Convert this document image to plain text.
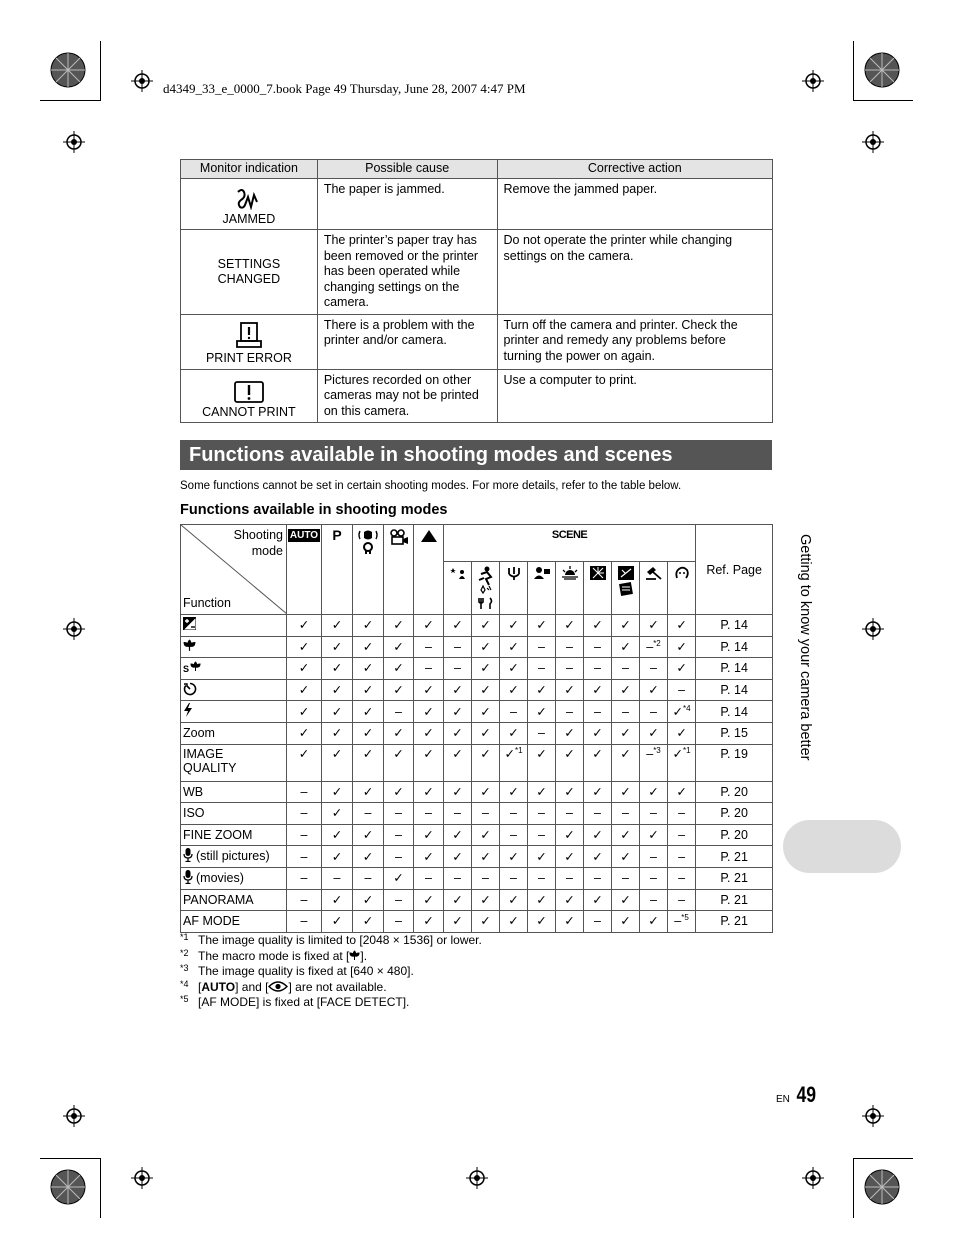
d4349_33_e_0000_7.book Page 49 Thursday, June 28, 2007 4:47 PM
Monitor indication	Possible cause	Corrective action

JAMMED	The paper is jammed.	Remove the jammed paper.
SETTINGS
CHANGED	The printer’s paper tray has been removed or the printer has been operated while changing settings on the camera.	Do not operate the printer while changing settings on the camera.

PRINT ERROR	There is a problem with the printer and/or camera.	Turn off the camera and printer. Check the printer and remedy any problems before turning the power on again.

CANNOT PRINT	Pictures recorded on other cameras may not be printed on this camera.	Use a computer to print.
Functions available in shooting modes and scenes
Some functions cannot be set in certain shooting modes. For more details, refer to the table below.
Functions available in shooting modes
Shooting
mode
Function	AUTO	P				SCENE									Ref. Page

	✓	✓	✓	✓	✓	✓	✓	✓	✓	✓	✓	✓	✓	✓	P. 14
	✓	✓	✓	✓	–	–	✓	✓	–	–	–	✓	–$^{*2}$	✓	P. 14

S	✓	✓	✓	✓	–	–	✓	✓	–	–	–	–	–	✓	P. 14
	✓	✓	✓	✓	✓	✓	✓	✓	✓	✓	✓	✓	✓	–	P. 14
	✓	✓	✓	–	✓	✓	✓	–	✓	–	–	–	–	✓$^{*4}$	P. 14
Zoom	✓	✓	✓	✓	✓	✓	✓	✓	–	✓	✓	✓	✓	✓	P. 15
IMAGE
QUALITY	✓	✓	✓	✓	✓	✓	✓	✓$^{*1}$	✓	✓	✓	✓	–$^{*3}$	✓$^{*1}$	P. 19
WB	–	✓	✓	✓	✓	✓	✓	✓	✓	✓	✓	✓	✓	✓	P. 20
ISO	–	✓	–	–	–	–	–	–	–	–	–	–	–	–	P. 20
FINE ZOOM	–	✓	✓	–	✓	✓	✓	–	–	✓	✓	✓	✓	–	P. 20
(still pictures)	–	✓	✓	–	✓	✓	✓	✓	✓	✓	✓	✓	–	–	P. 21
(movies)	–	–	–	✓	–	–	–	–	–	–	–	–	–	–	P. 21
PANORAMA	–	✓	✓	–	✓	✓	✓	✓	✓	✓	✓	✓	–	–	P. 21
AF MODE	–	✓	✓	–	✓	✓	✓	✓	✓	✓	–	✓	✓	–$^{*5}$	P. 21
*1 The image quality is limited to [2048 × 1536] or lower.
*2 The macro mode is fixed at [ ].
*3 The image quality is fixed at [640 × 480].
*4 [AUTO] and [ ] are not available.
*5 [AF MODE] is fixed at [FACE DETECT].
Getting to know your camera better
EN 49
